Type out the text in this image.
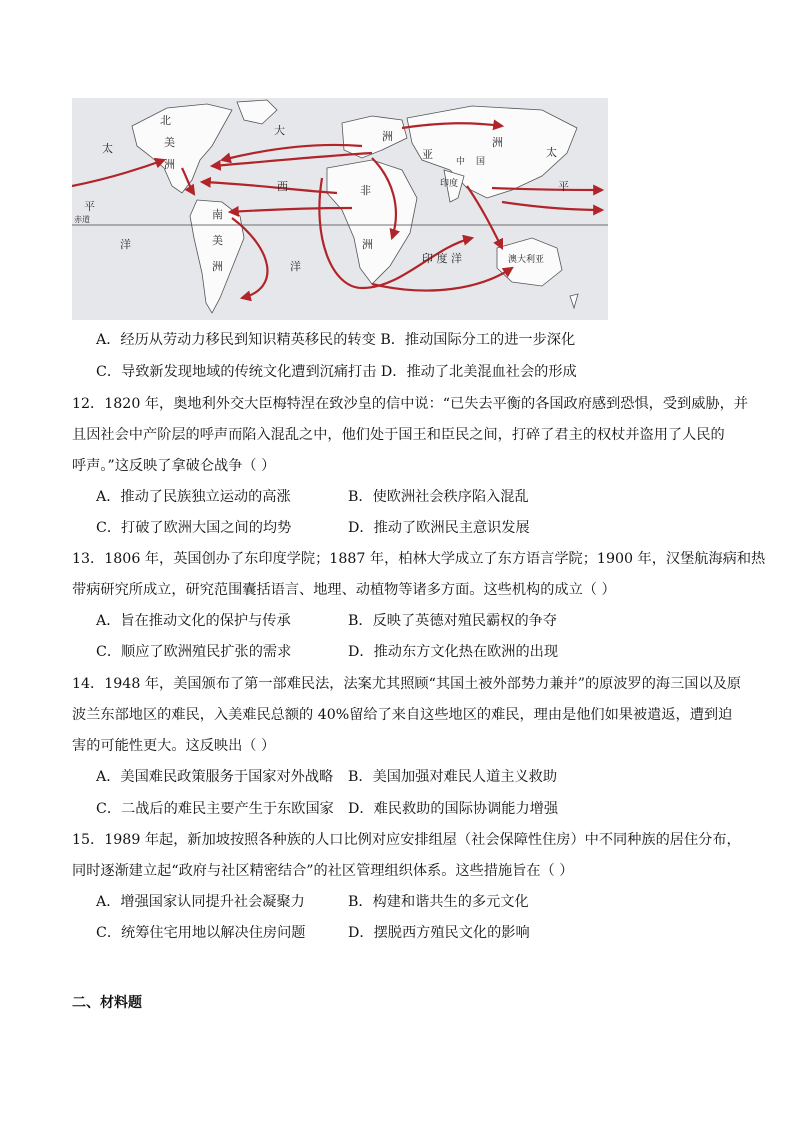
北
美
洲
大
西
南
美
洲
太
平
洋
洋
非
洲
洲
亚
洲
中 国
印度
太
平
印 度 洋	澳大利亚
赤道
A．经历从劳动力移民到知识精英移民的转变 B．推动国际分工的进一步深化
C．导致新发现地域的传统文化遭到沉痛打击 D．推动了北美混血社会的形成
12．1820 年，奥地利外交大臣梅特涅在致沙皇的信中说：“已失去平衡的各国政府感到恐惧，受到威胁，并
且因社会中产阶层的呼声而陷入混乱之中，他们处于国王和臣民之间，打碎了君主的权杖并盗用了人民的
呼声。”这反映了拿破仑战争（ ）
A．推动了民族独立运动的高涨	B．使欧洲社会秩序陷入混乱
C．打破了欧洲大国之间的均势	D．推动了欧洲民主意识发展
13．1806 年，英国创办了东印度学院；1887 年，柏林大学成立了东方语言学院；1900 年，汉堡航海病和热
带病研究所成立，研究范围囊括语言、地理、动植物等诸多方面。这些机构的成立（ ）
A．旨在推动文化的保护与传承	B．反映了英德对殖民霸权的争夺
C．顺应了欧洲殖民扩张的需求	D．推动东方文化热在欧洲的出现
14．1948 年，美国颁布了第一部难民法，法案尤其照顾“其国土被外部势力兼并”的原波罗的海三国以及原
波兰东部地区的难民，入美难民总额的 40%留给了来自这些地区的难民，理由是他们如果被遣返，遭到迫
害的可能性更大。这反映出（ ）
A．美国难民政策服务于国家对外战略 B．美国加强对难民人道主义救助
C．二战后的难民主要产生于东欧国家 D．难民救助的国际协调能力增强
15．1989 年起，新加坡按照各种族的人口比例对应安排组屋（社会保障性住房）中不同种族的居住分布，
同时逐渐建立起“政府与社区精密结合”的社区管理组织体系。这些措施旨在（ ）
A．增强国家认同提升社会凝聚力	B．构建和谐共生的多元文化
C．统筹住宅用地以解决住房问题	D．摆脱西方殖民文化的影响
二、材料题
